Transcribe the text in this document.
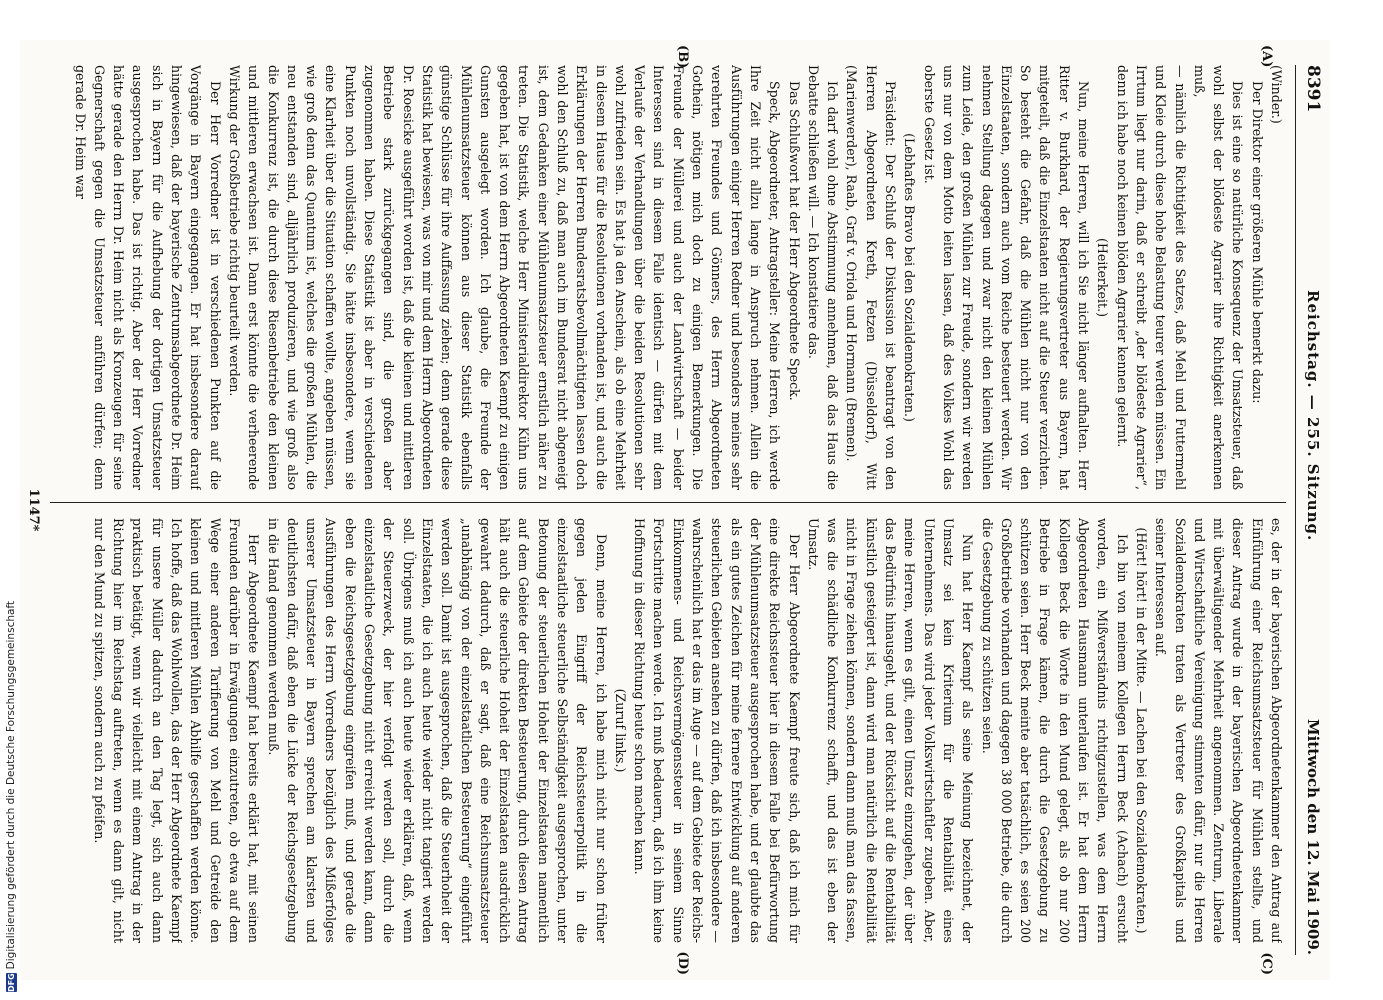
8391
Reichstag. — 255. Sitzung.
Mittwoch den 12. Mai 1909.
(A)
(B)
(C)
(D)

(Winder.)

Der Direktor einer größeren Mühle bemerkt dazu:

Dies ist eine so natürliche Konsequenz der Umsatzsteuer, daß wohl selbst der blödeste Agrarier ihre Richtigkeit anerkennen muß,

— nämlich die Richtigkeit des Satzes, daß Mehl und Futtermehl und Kleie durch diese hohe Belastung teurer werden müssen. Ein Irrtum liegt nur darin, daß er schreibt „der blödeste Agrarier“, denn ich habe noch keinen blöden Agrarier kennen gelernt.

(Heiterkeit.)

Nun, meine Herren, will ich Sie nicht länger aufhalten. Herr Ritter v. Burkhard, der Regierungsvertreter aus Bayern, hat mitgeteilt, daß die Einzelstaaten nicht auf die Steuer verzichten. So besteht die Gefahr, daß die Mühlen nicht nur von den Einzelstaaten, sondern auch vom Reiche besteuert werden. Wir nehmen Stellung dagegen und zwar nicht den kleinen Mühlen zum Leide, den großen Mühlen zur Freude, sondern wir werden uns nur von dem Motto leiten lassen, daß des Volkes Wohl das oberste Gesetz ist.

(Lebhaftes Bravo bei den Sozialdemokraten.)

Präsident: Der Schluß der Diskussion ist beantragt von den Herren Abgeordneten Kreth, Fetzen (Düsseldorf), Witt (Marienwerder), Raab, Graf v. Oriola und Hormann (Bremen).

Ich darf wohl ohne Abstimmung annehmen, daß das Haus die Debatte schließen will. — Ich konstatiere das.

Das Schlußwort hat der Herr Abgeordnete Speck.

Speck, Abgeordneter, Antragsteller: Meine Herren, ich werde Ihre Zeit nicht allzu lange in Anspruch nehmen. Allein die Ausführungen einiger Herren Redner und besonders meines sehr verehrten Freundes und Gönners, des Herrn Abgeordneten Gothein, nötigen mich doch zu einigen Bemerkungen. Die Freunde der Müllerei und auch der Landwirtschaft — beider Interessen sind in diesem Falle identisch — dürfen mit dem Verlaufe der Verhandlungen über die beiden Resolutionen sehr wohl zufrieden sein. Es hat ja den Anschein, als ob eine Mehrheit in diesem Hause für die Resolutionen vorhanden ist, und auch die Erklärungen der Herren Bundesratsbevollmächtigten lassen doch wohl den Schluß zu, daß man auch im Bundesrat nicht abgeneigt ist, dem Gedanken einer Mühlenumsatzsteuer ernstlich näher zu treten. Die Statistik, welche Herr Ministerialdirektor Kühn uns gegeben hat, ist von dem Herrn Abgeordneten Kaempf zu einigen Gunsten ausgelegt worden. Ich glaube, die Freunde der Mühlenumsatzsteuer können aus dieser Statistik ebenfalls günstige Schlüsse für ihre Auffassung ziehen; denn gerade diese Statistik hat bewiesen, was von mir und dem Herrn Abgeordneten Dr. Roesicke ausgeführt worden ist, daß die kleinen und mittleren Betriebe stark zurückgegangen sind, die großen aber zugenommen haben. Diese Statistik ist aber in verschiedenen Punkten noch unvollständig. Sie hätte insbesondere, wenn sie eine Klarheit über die Situation schaffen wollte, angeben müssen, wie groß denn das Quantum ist, welches die großen Mühlen, die neu entstanden sind, alljährlich produzieren, und wie groß also die Konkurrenz ist, die durch diese Riesenbetriebe den kleinen und mittleren erwachsen ist. Dann erst könnte die verheerende Wirkung der Großbetriebe richtig beurteilt werden.

Der Herr Vorredner ist in verschiedenen Punkten auf die Vorgänge in Bayern eingegangen. Er hat insbesondere darauf hingewiesen, daß der bayerische Zentrumsabgeordnete Dr. Heim sich in Bayern für die Aufhebung der dortigen Umsatzsteuer ausgesprochen habe. Das ist richtig. Aber der Herr Vorredner hätte gerade den Herrn Dr. Heim nicht als Kronzeugen für seine Gegnerschaft gegen die Umsatzsteuer anführen dürfen; denn gerade Dr. Heim war

es, der in der bayerischen Abgeordnetenkammer den Antrag auf Einführung einer Reichsumsatzsteuer für Mühlen stellte, und dieser Antrag wurde in der bayerischen Abgeordnetenkammer mit überwältigender Mehrheit angenommen. Zentrum, Liberale und Wirtschaftliche Vereinigung stimmten dafür, nur die Herren Sozialdemokraten traten als Vertreter des Großkapitals und seiner Interessen auf.

(Hört! hört! in der Mitte. — Lachen bei den Sozialdemokraten.)

Ich bin von meinem Kollegen Herrn Beck (Achach) ersucht worden, ein Mißverständnis richtigzustellen, was dem Herrn Abgeordneten Hausmann unterlaufen ist. Er hat dem Herrn Kollegen Beck die Worte in den Mund gelegt, als ob nur 200 Betriebe in Frage kämen, die durch die Gesetzgebung zu schützen seien. Herr Beck meinte aber tatsächlich, es seien 200 Großbetriebe vorhanden und dagegen 38 000 Betriebe, die durch die Gesetzgebung zu schützen seien.

Nun hat Herr Kaempf als seine Meinung bezeichnet, der Umsatz sei kein Kriterium für die Rentabilität eines Unternehmens. Das wird jeder Volkswirtschaftler zugeben. Aber, meine Herren, wenn es gilt, einen Umsatz einzugehen, der über das Bedürfnis hinausgeht, und der Rücksicht auf die Rentabilität künstlich gesteigert ist, dann wird man natürlich die Rentabilität nicht in Frage ziehen können, sondern dann muß man das fassen, was die schädliche Konkurrenz schafft, und das ist eben der Umsatz.

Der Herr Abgeordnete Kaempf freute sich, daß ich mich für eine direkte Reichssteuer hier in diesem Falle bei Befürwortung der Mühlenumsatzsteuer ausgesprochen habe, und er glaubte das als ein gutes Zeichen für meine fernere Entwicklung auf anderen steuerlichen Gebieten ansehen zu dürfen, daß ich insbesondere — wahrscheinlich hat er das im Auge — auf dem Gebiete der Reichs-Einkommens- und Reichsvermögenssteuer in seinem Sinne Fortschritte machen werde. Ich muß bedauern, daß ich ihm keine Hoffnung in dieser Richtung heute schon machen kann.

(Zuruf links.)

Denn, meine Herren, ich habe mich nicht nur schon früher gegen jeden Eingriff der Reichssteuerpolitik in die einzelstaatliche steuerliche Selbständigkeit ausgesprochen, unter Betonung der steuerlichen Hoheit der Einzelstaaten namentlich auf dem Gebiete der direkten Besteuerung, durch diesen Antrag hält auch die steuerliche Hoheit der Einzelstaaten ausdrücklich gewahrt dadurch, daß er sagt, daß eine Reichsumsatzsteuer „unabhängig von der einzelstaatlichen Besteuerung“ eingeführt werden soll. Damit ist ausgesprochen, daß die Steuerhoheit der Einzelstaaten, die ich auch heute wieder nicht tangiert werden soll. Übrigens muß ich auch heute wieder erklären, daß, wenn der Steuerzweck, der hier verfolgt werden soll, durch die einzelstaatliche Gesetzgebung nicht erreicht werden kann, dann eben die Reichsgesetzgebung eingreifen muß, und gerade die Ausführungen des Herrn Vorredners bezüglich des Mißerfolges unserer Umsatzsteuer in Bayern sprechen am klarsten und deutlichsten dafür, daß eben die Lücke der Reichsgesetzgebung in die Hand genommen werden muß.

Herr Abgeordnete Kaempf hat bereits erklärt hat, mit seinen Freunden darüber in Erwägungen einzutreten, ob etwa auf dem Wege einer anderen Tarifierung von Mehl und Getreide den kleinen und mittleren Mühlen Abhilfe geschaffen werden könne. Ich hoffe, daß das Wohlwollen, das der Herr Abgeordnete Kaempf für unsere Müller dadurch an den Tag legt, sich auch dann praktisch betätigt, wenn wir vielleicht mit einem Antrag in der Richtung hier im Reichstag auftreten, wenn es dann gilt, nicht nur den Mund zu spitzen, sondern auch zu pfeifen.

1147*
DFG
Digitalisierung gefördert durch die Deutsche Forschungsgemeinschaft
